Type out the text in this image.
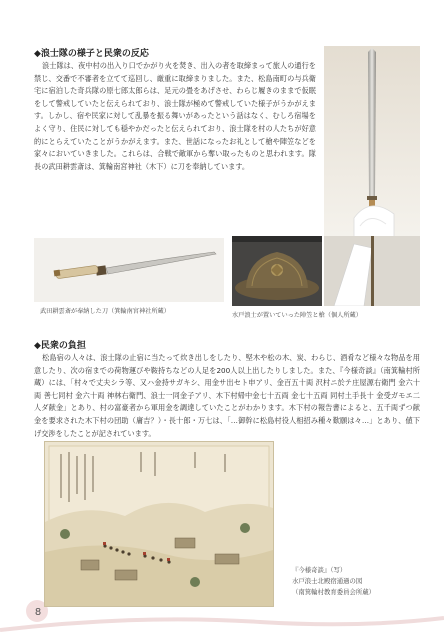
◆浪士隊の様子と民衆の反応
浪士隊は、夜中村の出入り口でかがり火を焚き、出入の者を取締まって旅人の通行を禁じ、交番で不審者を立てて巡回し、厳重に取締まりました。また、松島南町の与兵衛宅に宿泊した奇兵隊の原七郎太郎らは、足元の畳をあげさせ、わらじ履きのままで仮眠をして警戒していたと伝えられており、浪士隊が極めて警戒していた様子がうかがえます。しかし、宿や民家に対して乱暴を振る舞いがあったという話はなく、むしろ宿場をよく守り、住民に対しても穏やかだったと伝えられており、浪士隊を村の人たちが好意的にとらえていたことがうかがえます。また、世話になったお礼として槍や陣笠などを家々においていきました。これらは、合戦で敵軍から奪い取ったものと思われます。隊長の武田耕雲斎は、箕輪南宮神社（木下）に刀を奉納しています。
武田耕雲斎が奉納した刀（箕輪南宮神社所蔵）
水戸浪士が置いていった陣笠と槍（個人所蔵）
◆民衆の負担
松島宿の人々は、浪士隊の止宿に当たって炊き出しをしたり、堅木や松の木、炭、わらじ、酒肴など様々な物品を用意したり、次の宿までの荷物運びや鞍持ちなどの人足を200人以上出したりしました。また、『今様奇談』（南箕輪村所蔵）には、「村々で丈夫シラ等、又ハ金持サガキシ、用金サ出セト申アリ、金百五十両 沢村ニ於テ庄屋源右衛門 金六十両 善七同村 金六十両 神林右衛門、浪士一同金子アリ、木下村帰中金七十五両 金七十五両 同村土手長十 金受ガモエ二人ダ献金」とあり、村の富豪者から軍用金を調達していたことがわかります。木下村の報告書によると、五千両ずつ献金を要求された木下村の団助（庸吉？）・長十郎・万七は、「…御幹に松島村役人相招み種々歎願は々…」とあり、値下げ交渉をしたことが記されています。
『今様奇談』（写）
水戸浪士北殿宿通過の図
（南箕輪村教育委員会所蔵）
8
